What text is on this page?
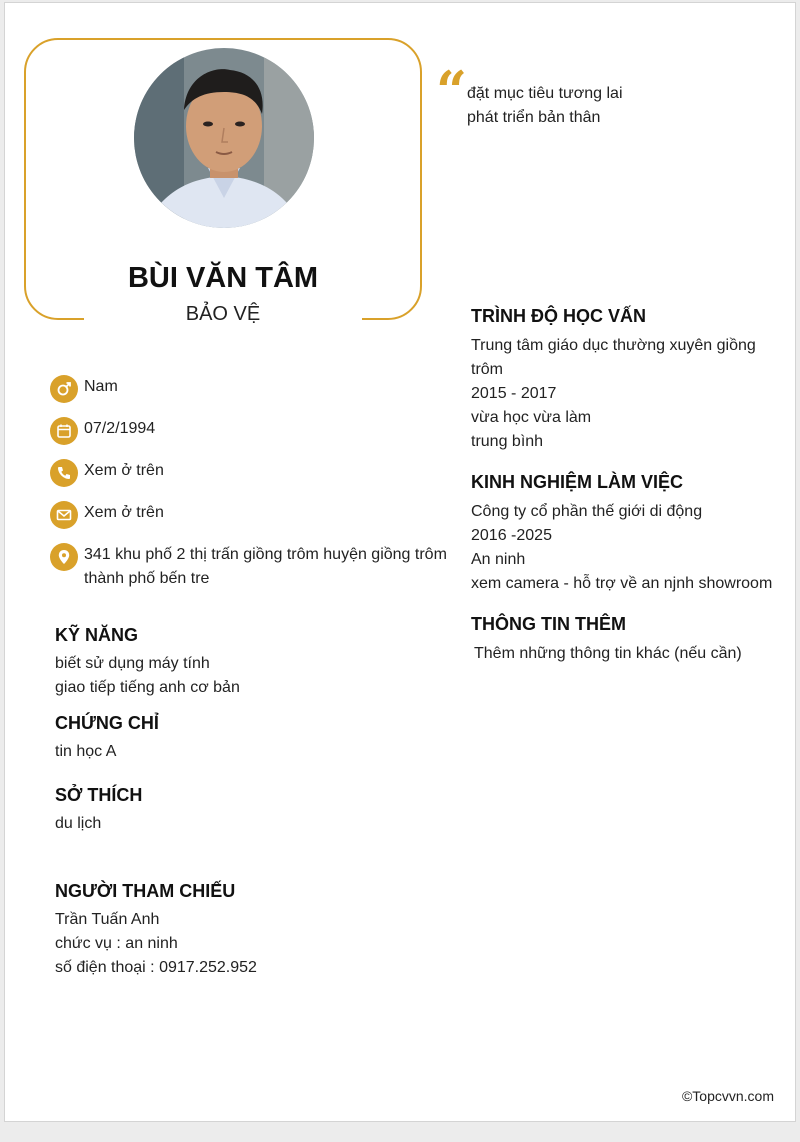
BÙI VĂN TÂM
BẢO VỆ
“ đặt mục tiêu tương lai
phát triển bản thân
Nam
07/2/1994
Xem ở trên
Xem ở trên
341 khu phố 2 thị trấn giồng trôm huyện giồng trôm
thành phố bến tre
KỸ NĂNG
biết sử dụng máy tính
giao tiếp tiếng anh cơ bản
CHỨNG CHỈ
tin học A
SỞ THÍCH
du lịch
NGƯỜI THAM CHIẾU
Trần Tuấn Anh
chức vụ : an ninh
số điện thoại : 0917.252.952
TRÌNH ĐỘ HỌC VẤN
Trung tâm giáo dục thường xuyên giồng
trôm
2015 - 2017
vừa học vừa làm
trung bình
KINH NGHIỆM LÀM VIỆC
Công ty cổ phần thế giới di động
2016 -2025
An ninh
xem camera - hỗ trợ về an njnh showroom
THÔNG TIN THÊM
Thêm những thông tin khác (nếu cần)
©Topcvvn.com
